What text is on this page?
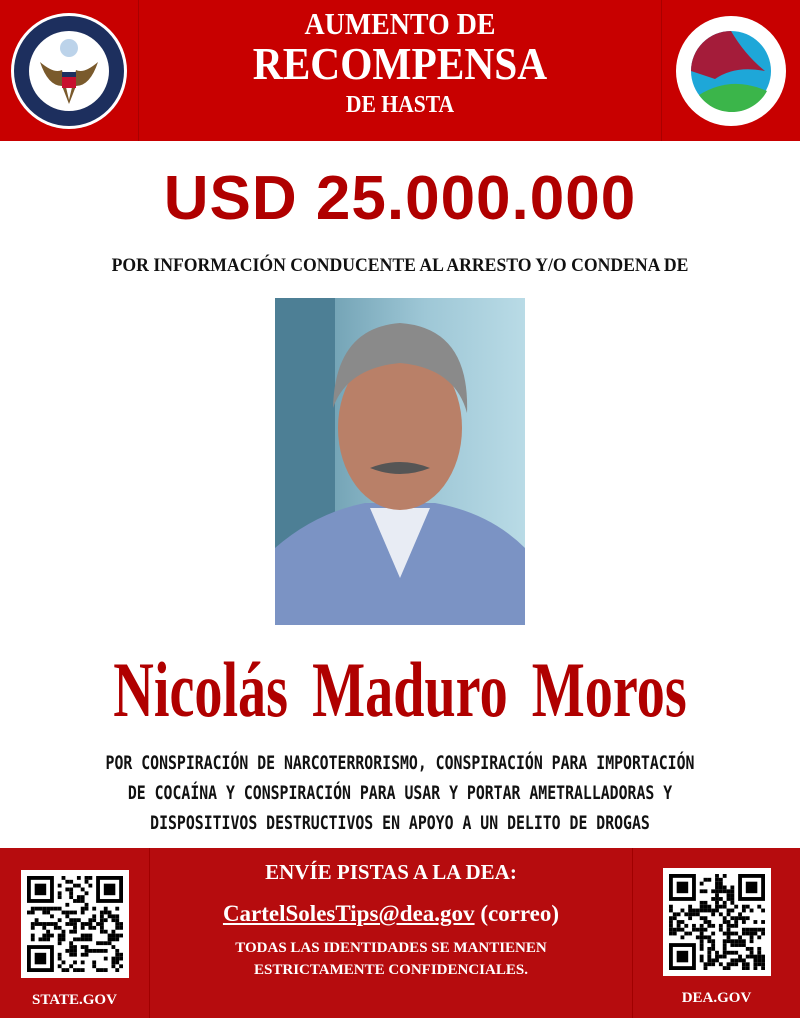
AUMENTO DE
RECOMPENSA
DE HASTA
USD 25.000.000
POR INFORMACIÓN CONDUCENTE AL ARRESTO Y/O CONDENA DE
Nicolás Maduro Moros
POR CONSPIRACIÓN DE NARCOTERRORISMO, CONSPIRACIÓN PARA IMPORTACIÓN
DE COCAÍNA Y CONSPIRACIÓN PARA USAR Y PORTAR AMETRALLADORAS Y
DISPOSITIVOS DESTRUCTIVOS EN APOYO A UN DELITO DE DROGAS
STATE.GOV
ENVÍE PISTAS A LA DEA:
CartelSolesTips@dea.gov (correo)
TODAS LAS IDENTIDADES SE MANTIENEN
ESTRICTAMENTE CONFIDENCIALES.
DEA.GOV
